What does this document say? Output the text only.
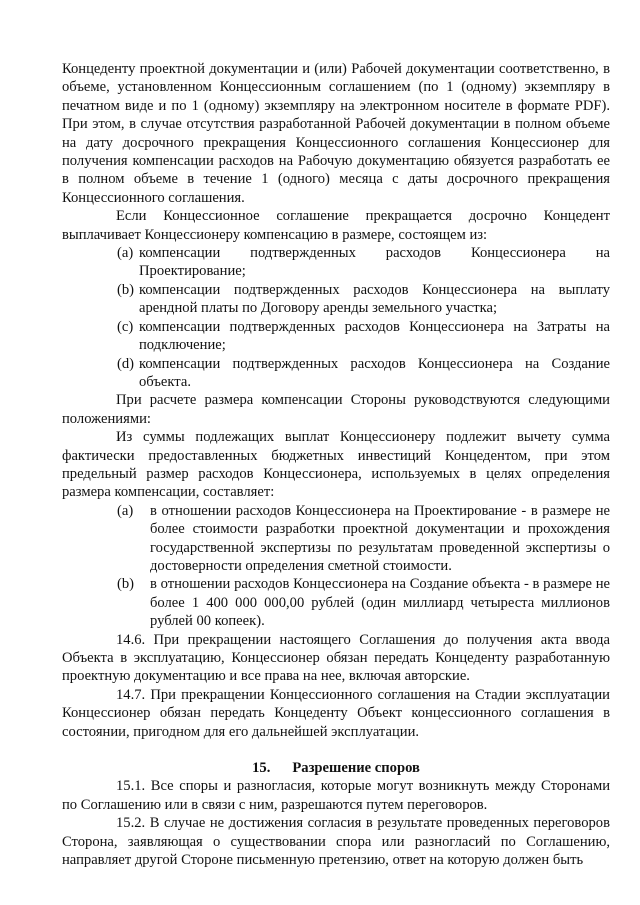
Концеденту проектной документации и (или) Рабочей документации соответственно, в объеме, установленном Концессионным соглашением (по 1 (одному) экземпляру в печатном виде и по 1 (одному) экземпляру на электронном носителе в формате PDF). При этом, в случае отсутствия разработанной Рабочей документации в полном объеме на дату досрочного прекращения Концессионного соглашения Концессионер для получения компенсации расходов на Рабочую документацию обязуется разработать ее в полном объеме в течение 1 (одного) месяца с даты досрочного прекращения Концессионного соглашения.

Если Концессионное соглашение прекращается досрочно Концедент выплачивает Концессионеру компенсацию в размере, состоящем из:

(a) компенсации подтвержденных расходов Концессионера на Проектирование;
(b) компенсации подтвержденных расходов Концессионера на выплату арендной платы по Договору аренды земельного участка;
(c) компенсации подтвержденных расходов Концессионера на Затраты на подключение;
(d) компенсации подтвержденных расходов Концессионера на Создание объекта.

При расчете размера компенсации Стороны руководствуются следующими положениями:

Из суммы подлежащих выплат Концессионеру подлежит вычету сумма фактически предоставленных бюджетных инвестиций Концедентом, при этом предельный размер расходов Концессионера, используемых в целях определения размера компенсации, составляет:

(a)	в отношении расходов Концессионера на Проектирование - в размере не более стоимости разработки проектной документации и прохождения государственной экспертизы по результатам проведенной экспертизы о достоверности определения сметной стоимости.
(b)	в отношении расходов Концессионера на Создание объекта - в размере не более 1 400 000 000,00 рублей (один миллиард четыреста миллионов рублей 00 копеек).

14.6. При прекращении настоящего Соглашения до получения акта ввода Объекта в эксплуатацию, Концессионер обязан передать Концеденту разработанную проектную документацию и все права на нее, включая авторские.

14.7. При прекращении Концессионного соглашения на Стадии эксплуатации Концессионер обязан передать Концеденту Объект концессионного соглашения в состоянии, пригодном для его дальнейшей эксплуатации.

15. Разрешение споров

15.1. Все споры и разногласия, которые могут возникнуть между Сторонами по Соглашению или в связи с ним, разрешаются путем переговоров.

15.2. В случае не достижения согласия в результате проведенных переговоров Сторона, заявляющая о существовании спора или разногласий по Соглашению, направляет другой Стороне письменную претензию, ответ на которую должен быть
